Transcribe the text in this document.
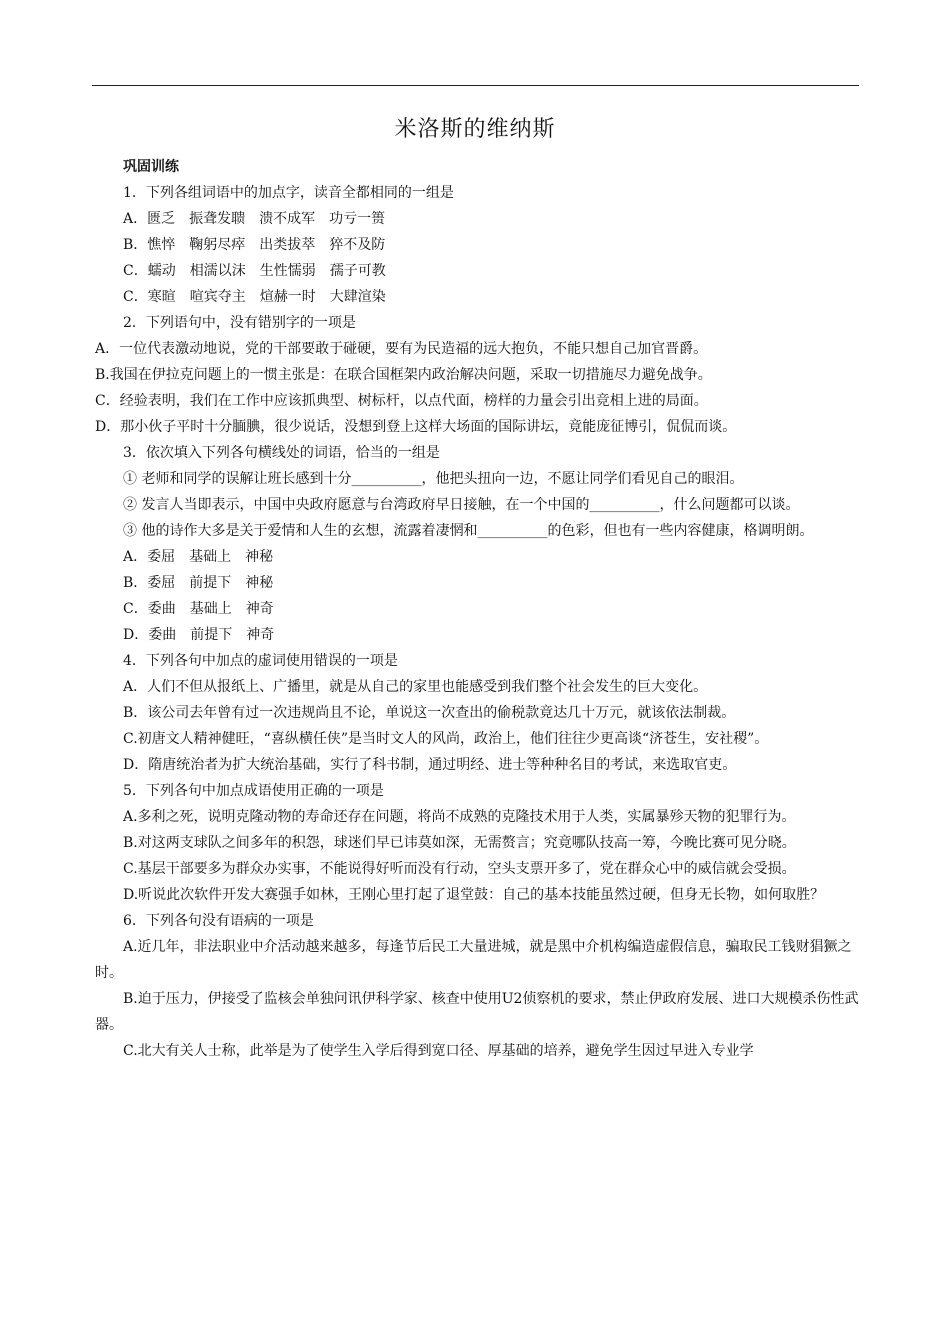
米洛斯的维纳斯

巩固训练

1．下列各组词语中的加点字，读音全都相同的一组是

A．匮乏　振聋发聩　溃不成军　功亏一篑

B．憔悴　鞠躬尽瘁　出类拔萃　猝不及防

C．蠕动　相濡以沫　生性懦弱　孺子可教

C．寒暄　喧宾夺主　煊赫一时　大肆渲染

2．下列语句中，没有错别字的一项是

A．一位代表激动地说，党的干部要敢于碰硬，要有为民造福的远大抱负，不能只想自己加官晋爵。

B.我国在伊拉克问题上的一惯主张是：在联合国框架内政治解决问题，采取一切措施尽力避免战争。

C．经验表明，我们在工作中应该抓典型、树标杆，以点代面，榜样的力量会引出竞相上进的局面。

D．那小伙子平时十分腼腆，很少说话，没想到登上这样大场面的国际讲坛，竟能庞征博引，侃侃而谈。

3．依次填入下列各句横线处的词语，恰当的一组是

① 老师和同学的误解让班长感到十分__________，他把头扭向一边，不愿让同学们看见自己的眼泪。

② 发言人当即表示，中国中央政府愿意与台湾政府早日接触，在一个中国的__________，什么问题都可以谈。

③ 他的诗作大多是关于爱情和人生的玄想，流露着凄惘和__________的色彩，但也有一些内容健康，格调明朗。

A．委屈　基础上　神秘

B．委屈　前提下　神秘

C．委曲　基础上　神奇

D．委曲　前提下　神奇

4．下列各句中加点的虚词使用错误的一项是

A．人们不但从报纸上、广播里，就是从自己的家里也能感受到我们整个社会发生的巨大变化。

B．该公司去年曾有过一次违规尚且不论，单说这一次查出的偷税款竟达几十万元，就该依法制裁。

C.初唐文人精神健旺，“喜纵横任侠”是当时文人的风尚，政治上，他们往往少更高谈“济苍生，安社稷”。

D．隋唐统治者为扩大统治基础，实行了科书制，通过明经、进士等种种名目的考试，来选取官吏。

5．下列各句中加点成语使用正确的一项是

A.多利之死，说明克隆动物的寿命还存在问题，将尚不成熟的克隆技术用于人类，实属暴殄天物的犯罪行为。

B.对这两支球队之间多年的积怨，球迷们早已讳莫如深，无需赘言；究竟哪队技高一筹，今晚比赛可见分晓。

C.基层干部要多为群众办实事，不能说得好听而没有行动，空头支票开多了，党在群众心中的威信就会受损。

D.听说此次软件开发大赛强手如林，王刚心里打起了退堂鼓：自己的基本技能虽然过硬，但身无长物，如何取胜？

6．下列各句没有语病的一项是

A.近几年，非法职业中介活动越来越多，每逢节后民工大量进城，就是黑中介机构编造虚假信息，骗取民工钱财猖獗之时。

B.迫于压力，伊接受了监核会单独问讯伊科学家、核查中使用U2侦察机的要求，禁止伊政府发展、进口大规模杀伤性武器。

C.北大有关人士称，此举是为了使学生入学后得到宽口径、厚基础的培养，避免学生因过早进入专业学
